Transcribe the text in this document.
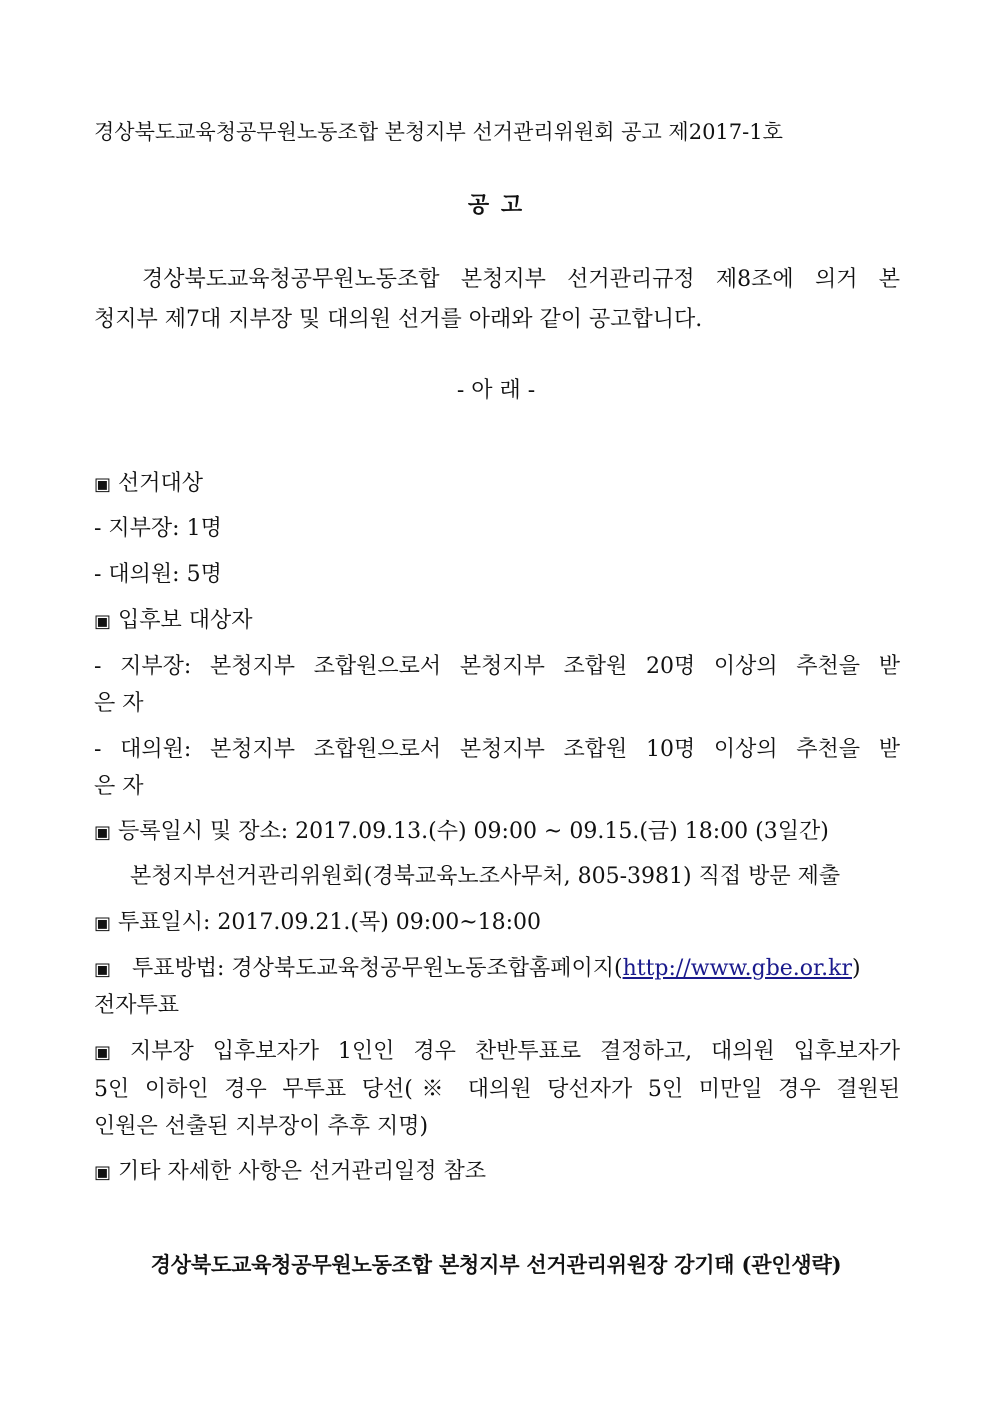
경상북도교육청공무원노동조합 본청지부 선거관리위원회 공고 제2017-1호
공 고
경상북도교육청공무원노동조합 본청지부 선거관리규정 제8조에 의거 본
청지부 제7대 지부장 및 대의원 선거를 아래와 같이 공고합니다.
- 아 래 -
▣ 선거대상
- 지부장: 1명
- 대의원: 5명
▣ 입후보 대상자
- 지부장: 본청지부 조합원으로서 본청지부 조합원 20명 이상의 추천을 받
은 자
- 대의원: 본청지부 조합원으로서 본청지부 조합원 10명 이상의 추천을 받
은 자
▣ 등록일시 및 장소: 2017.09.13.(수) 09:00 ~ 09.15.(금) 18:00 (3일간)
본청지부선거관리위원회(경북교육노조사무처, 805-3981) 직접 방문 제출
▣ 투표일시: 2017.09.21.(목) 09:00~18:00
▣ 투표방법: 경상북도교육청공무원노동조합홈페이지(http://www.gbe.or.kr)
전자투표
▣ 지부장 입후보자가 1인인 경우 찬반투표로 결정하고, 대의원 입후보자가
5인 이하인 경우 무투표 당선(※ 대의원 당선자가 5인 미만일 경우 결원된
인원은 선출된 지부장이 추후 지명)
▣ 기타 자세한 사항은 선거관리일정 참조
경상북도교육청공무원노동조합 본청지부 선거관리위원장 강기태 (관인생략)
